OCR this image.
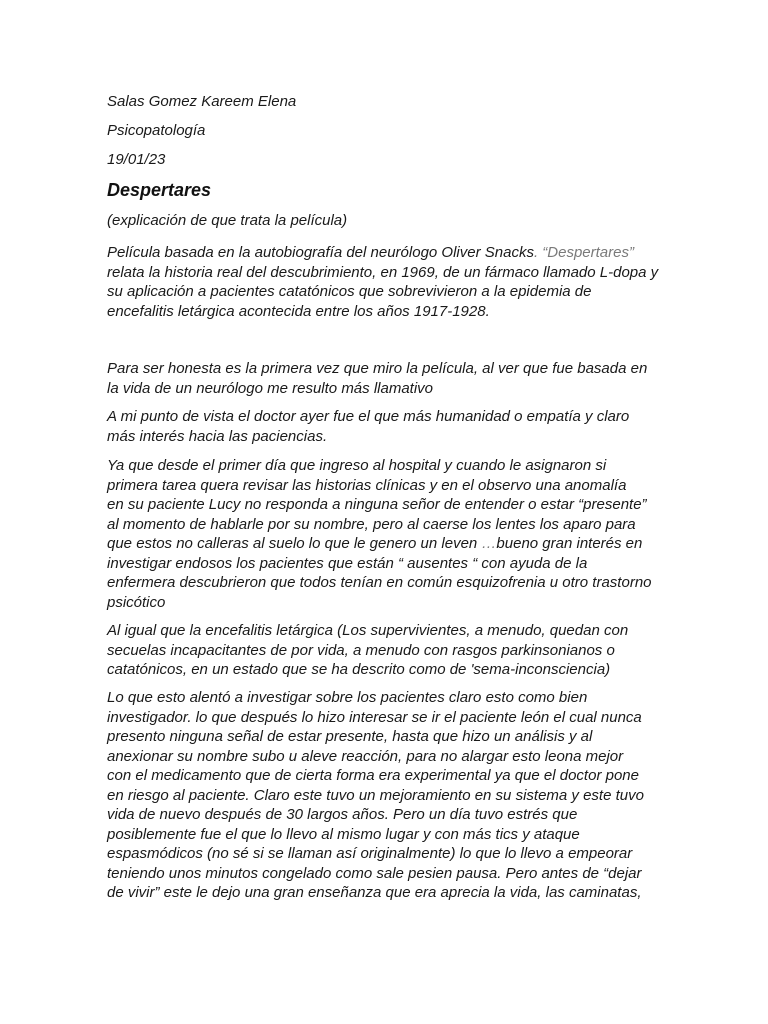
Salas Gomez Kareem Elena

Psicopatología

19/01/23

Despertares

(explicación de que trata la película)

Película basada en la autobiografía del neurólogo Oliver Snacks. “Despertares”
relata la historia real del descubrimiento, en 1969, de un fármaco llamado L-dopa y
su aplicación a pacientes catatónicos que sobrevivieron a la epidemia de
encefalitis letárgica acontecida entre los años 1917-1928.
Para ser honesta es la primera vez que miro la película, al ver que fue basada en
la vida de un neurólogo me resulto más llamativo
A mi punto de vista el doctor ayer fue el que más humanidad o empatía y claro
más interés hacia las paciencias.
Ya que desde el primer día que ingreso al hospital y cuando le asignaron si
primera tarea quera revisar las historias clínicas y en el observo una anomalía
en su paciente Lucy no responda a ninguna señor de entender o estar “presente”
al momento de hablarle por su nombre, pero al caerse los lentes los aparo para
que estos no calleras al suelo lo que le genero un leven …bueno gran interés en
investigar endosos los pacientes que están “ ausentes “ con ayuda de la
enfermera descubrieron que todos tenían en común esquizofrenia u otro trastorno
psicótico
Al igual que la encefalitis letárgica (Los supervivientes, a menudo, quedan con
secuelas incapacitantes de por vida, a menudo con rasgos parkinsonianos o
catatónicos, en un estado que se ha descrito como de 'sema-inconsciencia)
Lo que esto alentó a investigar sobre los pacientes claro esto como bien
investigador. lo que después lo hizo interesar se ir el paciente león el cual nunca
presento ninguna señal de estar presente, hasta que hizo un análisis y al
anexionar su nombre subo u aleve reacción, para no alargar esto leona mejor
con el medicamento que de cierta forma era experimental ya que el doctor pone
en riesgo al paciente. Claro este tuvo un mejoramiento en su sistema y este tuvo
vida de nuevo después de 30 largos años. Pero un día tuvo estrés que
posiblemente fue el que lo llevo al mismo lugar y con más tics y ataque
espasmódicos (no sé si se llaman así originalmente) lo que lo llevo a empeorar
teniendo unos minutos congelado como sale pesien pausa. Pero antes de “dejar
de vivir” este le dejo una gran enseñanza que era aprecia la vida, las caminatas,
